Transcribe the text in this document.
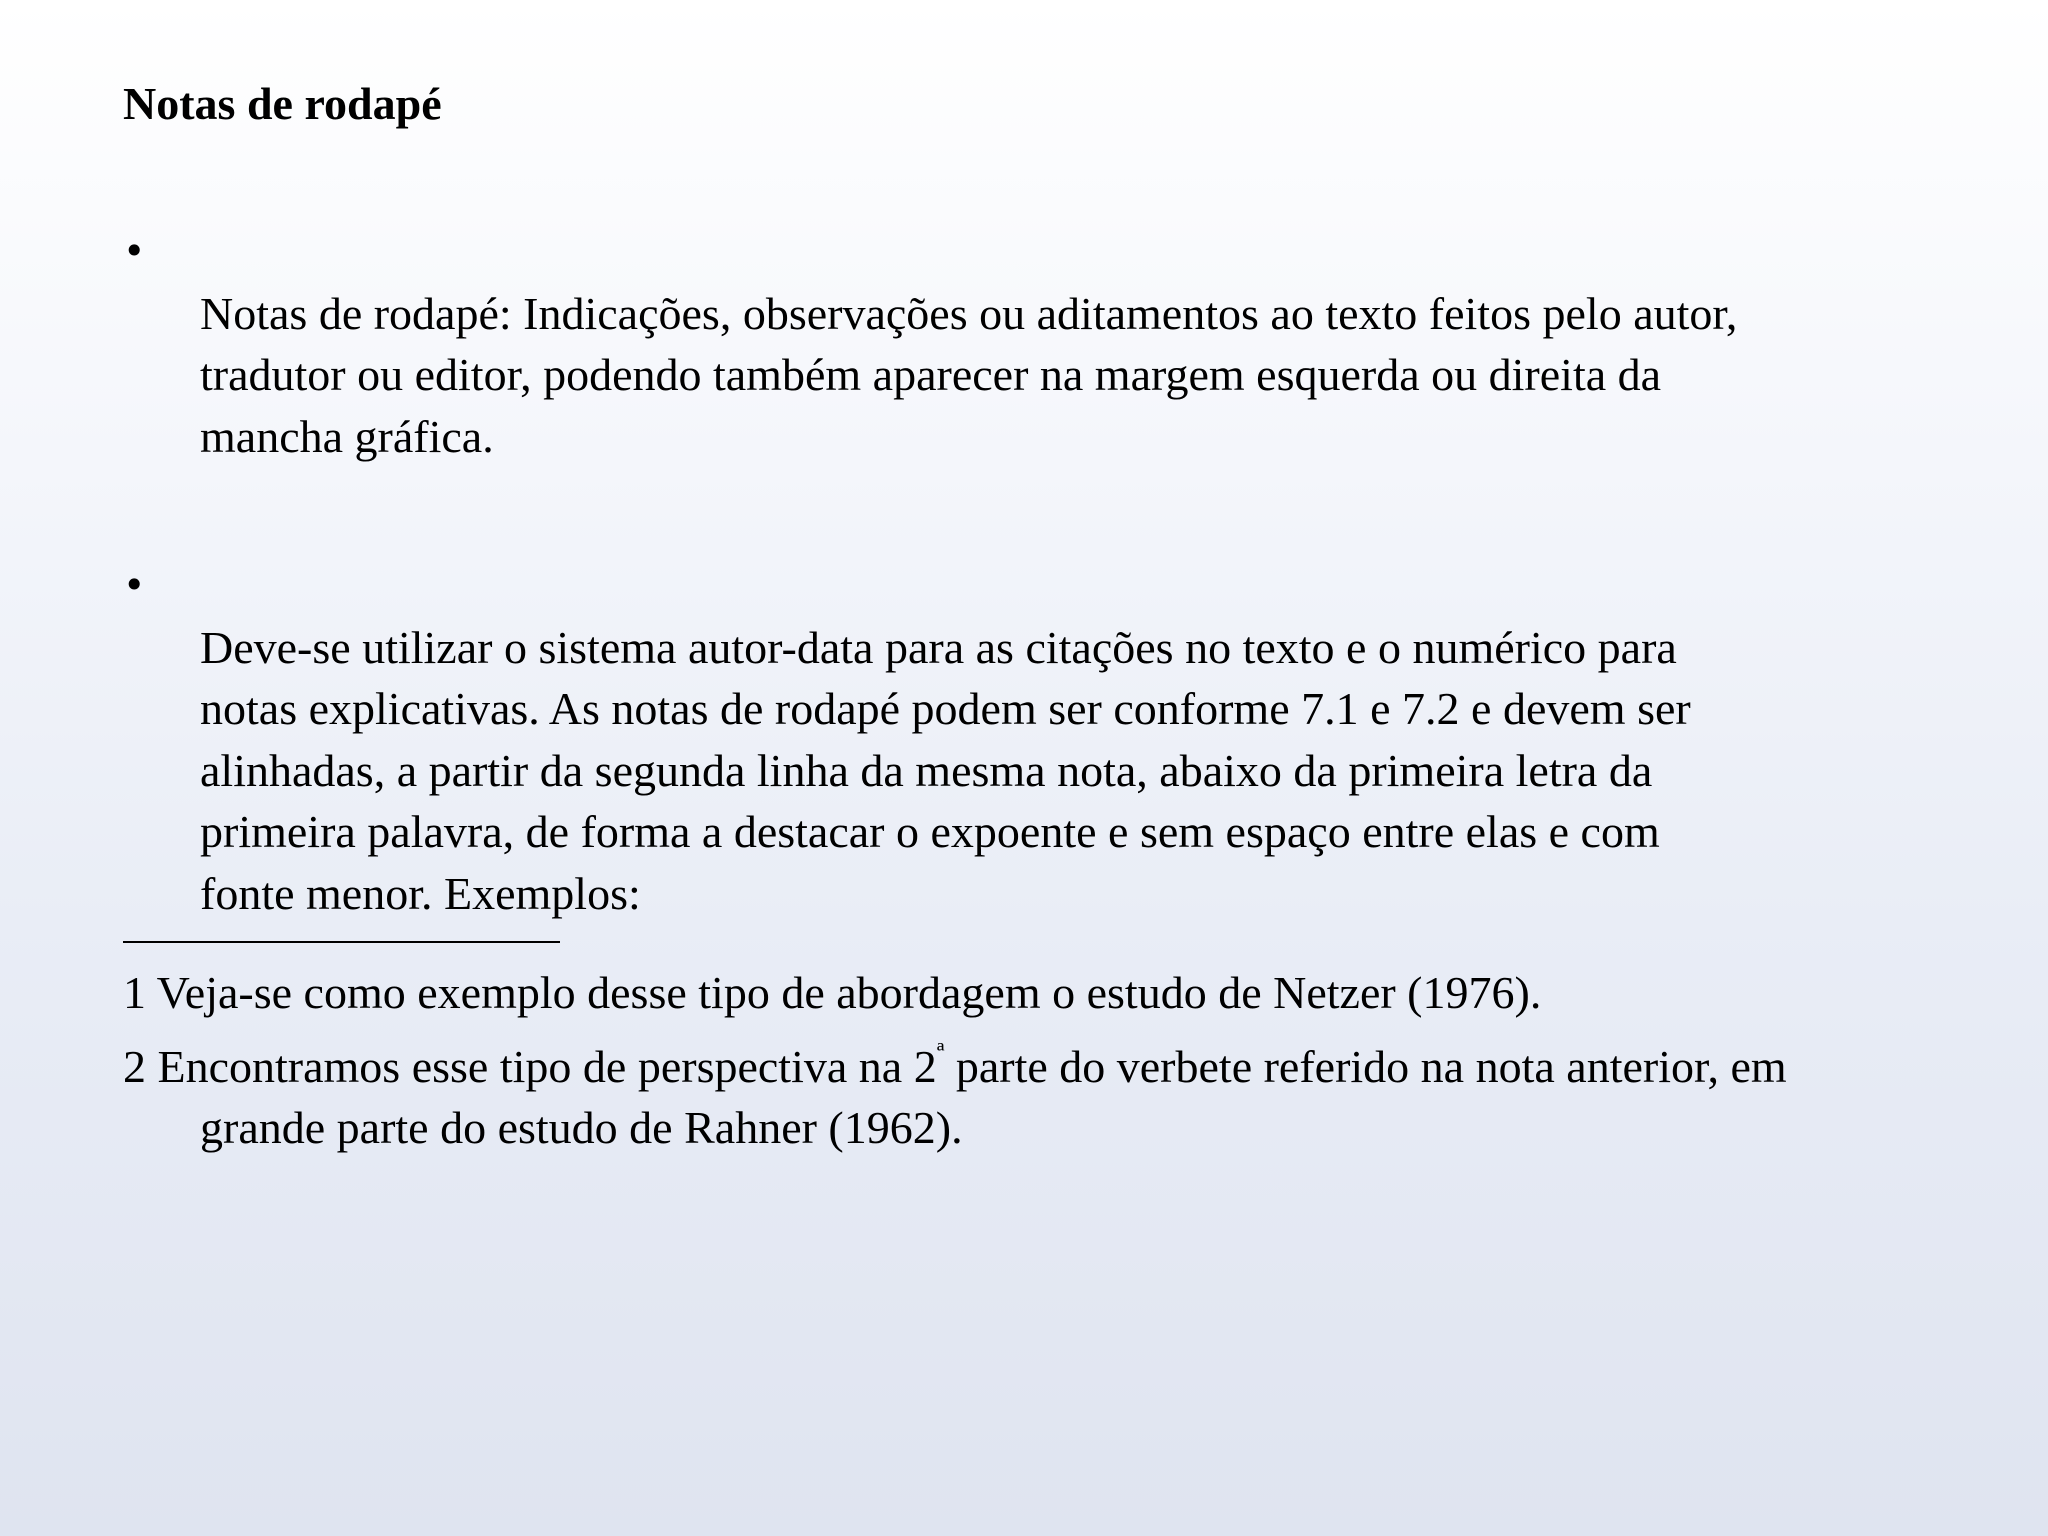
Notas de rodapé

•
Notas de rodapé: Indicações, observações ou aditamentos ao texto feitos pelo autor,
tradutor ou editor, podendo também aparecer na margem esquerda ou direita da
mancha gráfica.

•
Deve-se utilizar o sistema autor-data para as citações no texto e o numérico para
notas explicativas. As notas de rodapé podem ser conforme 7.1 e 7.2 e devem ser
alinhadas, a partir da segunda linha da mesma nota, abaixo da primeira letra da
primeira palavra, de forma a destacar o expoente e sem espaço entre elas e com
fonte menor. Exemplos:

1 Veja-se como exemplo desse tipo de abordagem o estudo de Netzer (1976).
2 Encontramos esse tipo de perspectiva na $2^ª$ parte do verbete referido na nota anterior, em grande parte do estudo de Rahner (1962).
